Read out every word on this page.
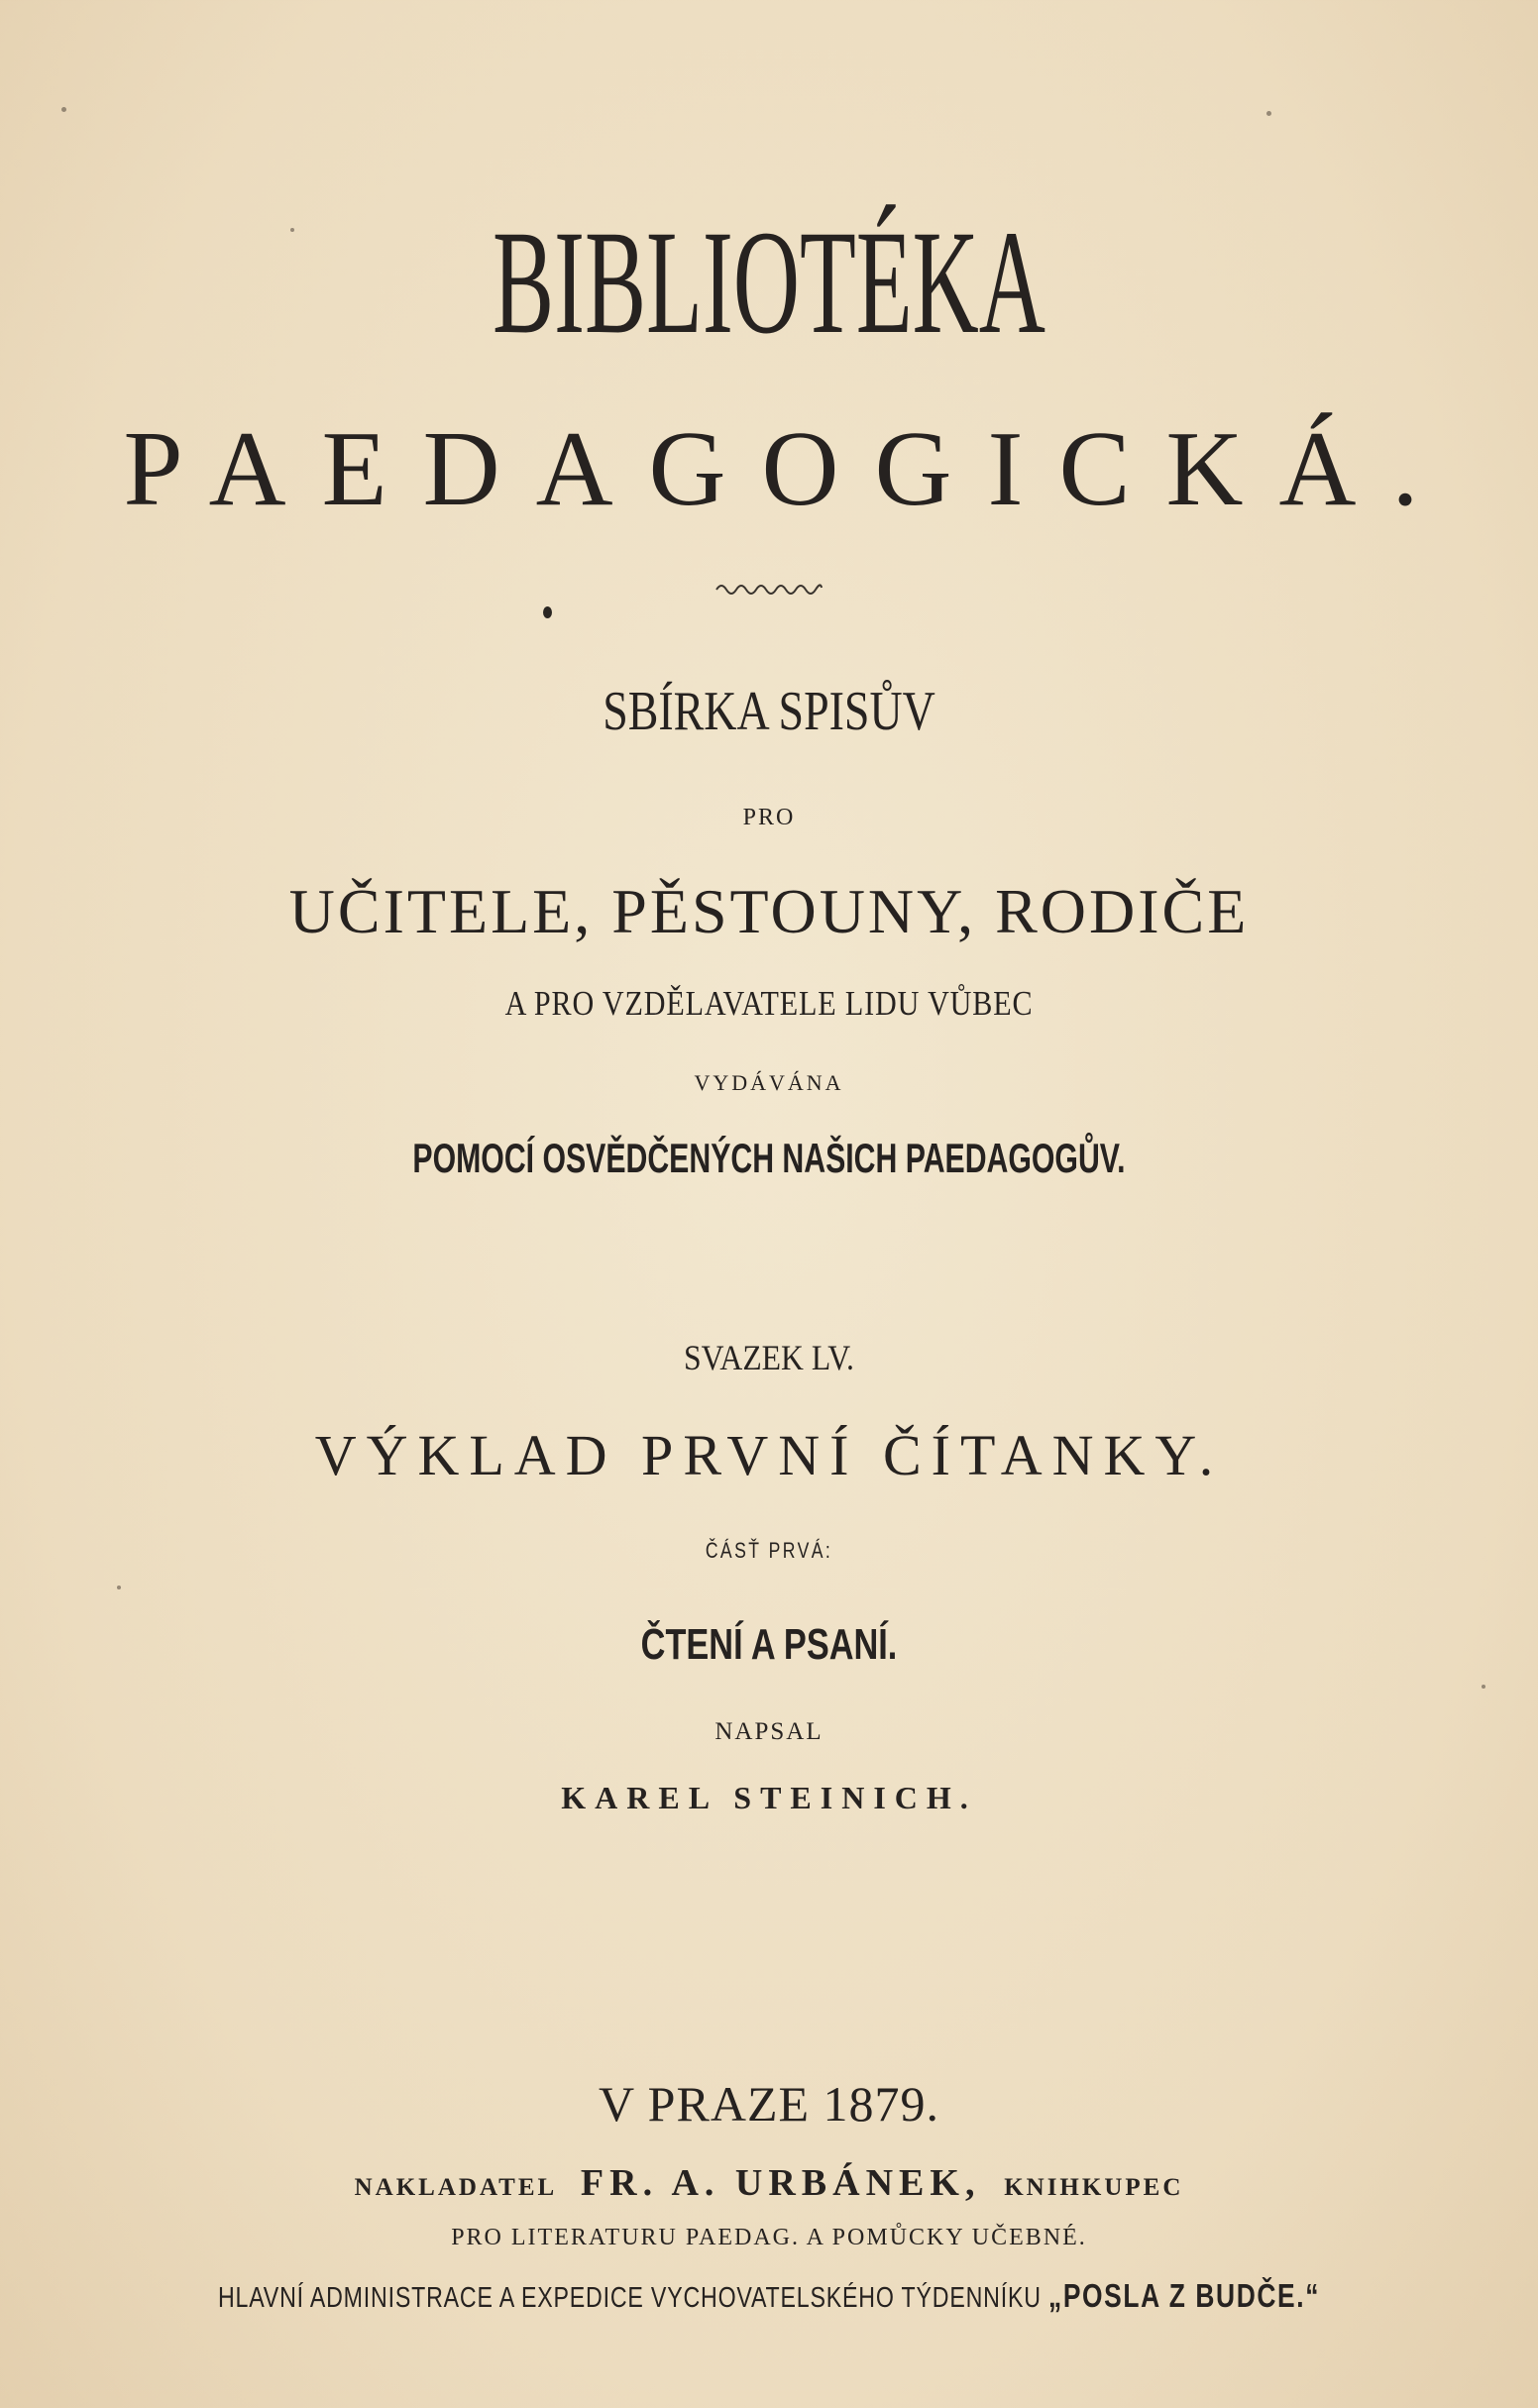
BIBLIOTÉKA
PAEDAGOGICKÁ.
SBÍRKA SPISŮV
PRO
UČITELE, PĚSTOUNY, RODIČE
A PRO VZDĚLAVATELE LIDU VŮBEC
VYDÁVÁNA
POMOCÍ OSVĚDČENÝCH NAŠICH PAEDAGOGŮV.
SVAZEK LV.
VÝKLAD PRVNÍ ČÍTANKY.
ČÁSŤ PRVÁ:
ČTENÍ A PSANÍ.
NAPSAL
KAREL STEINICH.
V PRAZE 1879.
NAKLADATEL FR. A. URBÁNEK, KNIHKUPEC
PRO LITERATURU PAEDAG. A POMŮCKY UČEBNÉ.
HLAVNÍ ADMINISTRACE A EXPEDICE VYCHOVATELSKÉHO TÝDENNÍKU „POSLA Z BUDČE.“
